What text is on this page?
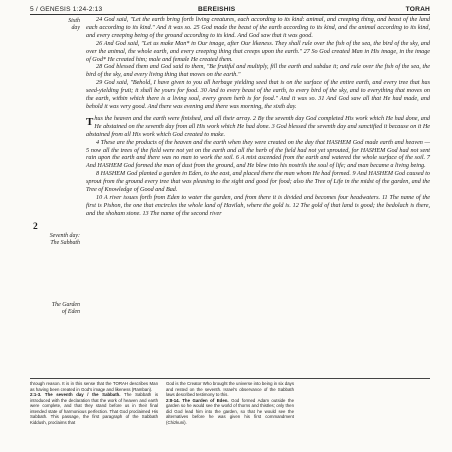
5 / GENESIS 1:24-2:13	BEREISHIS	TORAH
Sixth
day
2
Seventh day:
The Sabbath
The Garden
of Eden

24 God said, "Let the earth bring forth living creatures, each according to its kind: animal, and creeping thing, and beast of the land each according to its kind." And it was so. 25 God made the beast of the earth according to its kind, and the animal according to its kind, and every creeping being of the ground according to its kind. And God saw that it was good.

26 And God said, "Let us make Man* in Our image, after Our likeness. They shall rule over the fish of the sea, the bird of the sky, and over the animal, the whole earth, and every creeping thing that creeps upon the earth." 27 So God created Man in His image, in the image of God* He created him; male and female He created them.

28 God blessed them and God said to them, "Be fruitful and multiply, fill the earth and subdue it; and rule over the fish of the sea, the bird of the sky, and every living thing that moves on the earth."

29 God said, "Behold, I have given to you all herbage yielding seed that is on the surface of the entire earth, and every tree that has seed-yielding fruit; it shall be yours for food. 30 And to every beast of the earth, to every bird of the sky, and to everything that moves on the earth, within which there is a living soul, every green herb is for food." And it was so. 31 And God saw all that He had made, and behold it was very good. And there was evening and there was morning, the sixth day.

Thus the heaven and the earth were finished, and all their array. 2 By the seventh day God completed His work which He had done, and He abstained on the seventh day from all His work which He had done. 3 God blessed the seventh day and sanctified it because on it He abstained from all His work which God created to make.

4 These are the products of the heaven and the earth when they were created on the day that HASHEM God made earth and heaven — 5 now all the trees of the field were not yet on the earth and all the herb of the field had not yet sprouted, for HASHEM God had not sent rain upon the earth and there was no man to work the soil. 6 A mist ascended from the earth and watered the whole surface of the soil. 7 And HASHEM God formed the man of dust from the ground, and He blew into his nostrils the soul of life; and man became a living being.

8 HASHEM God planted a garden in Eden, to the east, and placed there the man whom He had formed. 9 And HASHEM God caused to sprout from the ground every tree that was pleasing to the sight and good for food; also the Tree of Life in the midst of the garden, and the Tree of Knowledge of Good and Bad.

10 A river issues forth from Eden to water the garden, and from there it is divided and becomes four headwaters. 11 The name of the first is Pishon, the one that encircles the whole land of Havilah, where the gold is. 12 The gold of that land is good; the bedolach is there, and the shoham stone. 13 The name of the second river

through reason. It is in this sense that the TORAH describes Man as having been created in God's image and likeness (Ramban).

2:1-3. The seventh day / the Sabbath. The Sabbath is introduced with the declaration that the work of heaven and earth were complete, and that they stand before us in their final intended state of harmonious perfection. That God proclaimed His Sabbath. This passage, the first paragraph of the Sabbath Kiddush, proclaims that

God is the Creator Who brought the universe into being in six days and rested on the seventh. Israel's observance of the Sabbath laws described testimony to this.

2:8-14. The Garden of Eden. God formed Adam outside the garden so he would see the world of thorns and thistles; only then did God lead him into the garden, so that he would see the alternatives before he was given his first commandment (Chizkuni).
